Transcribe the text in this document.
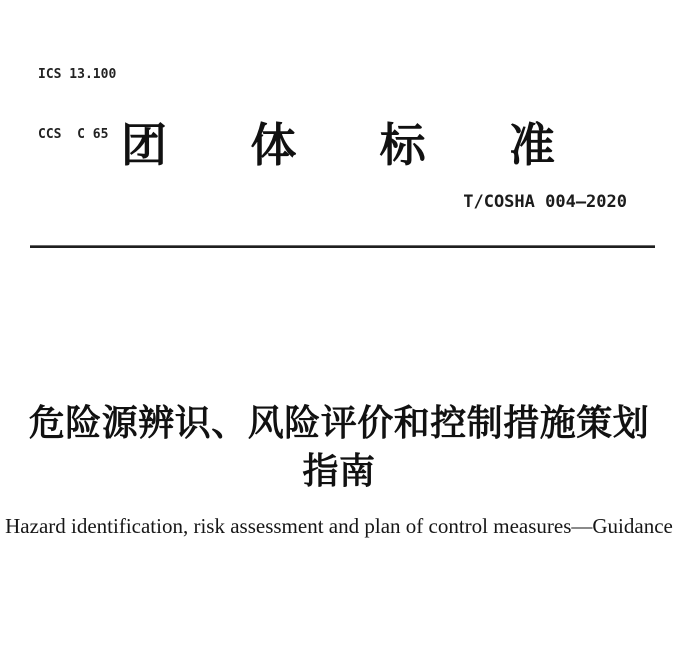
ICS 13.100

CCS  C 65

团 体 标 准
T/COSHA 004—2020
危险源辨识、风险评价和控制措施策划
指南
Hazard identification, risk assessment and plan of control measures—Guidance
